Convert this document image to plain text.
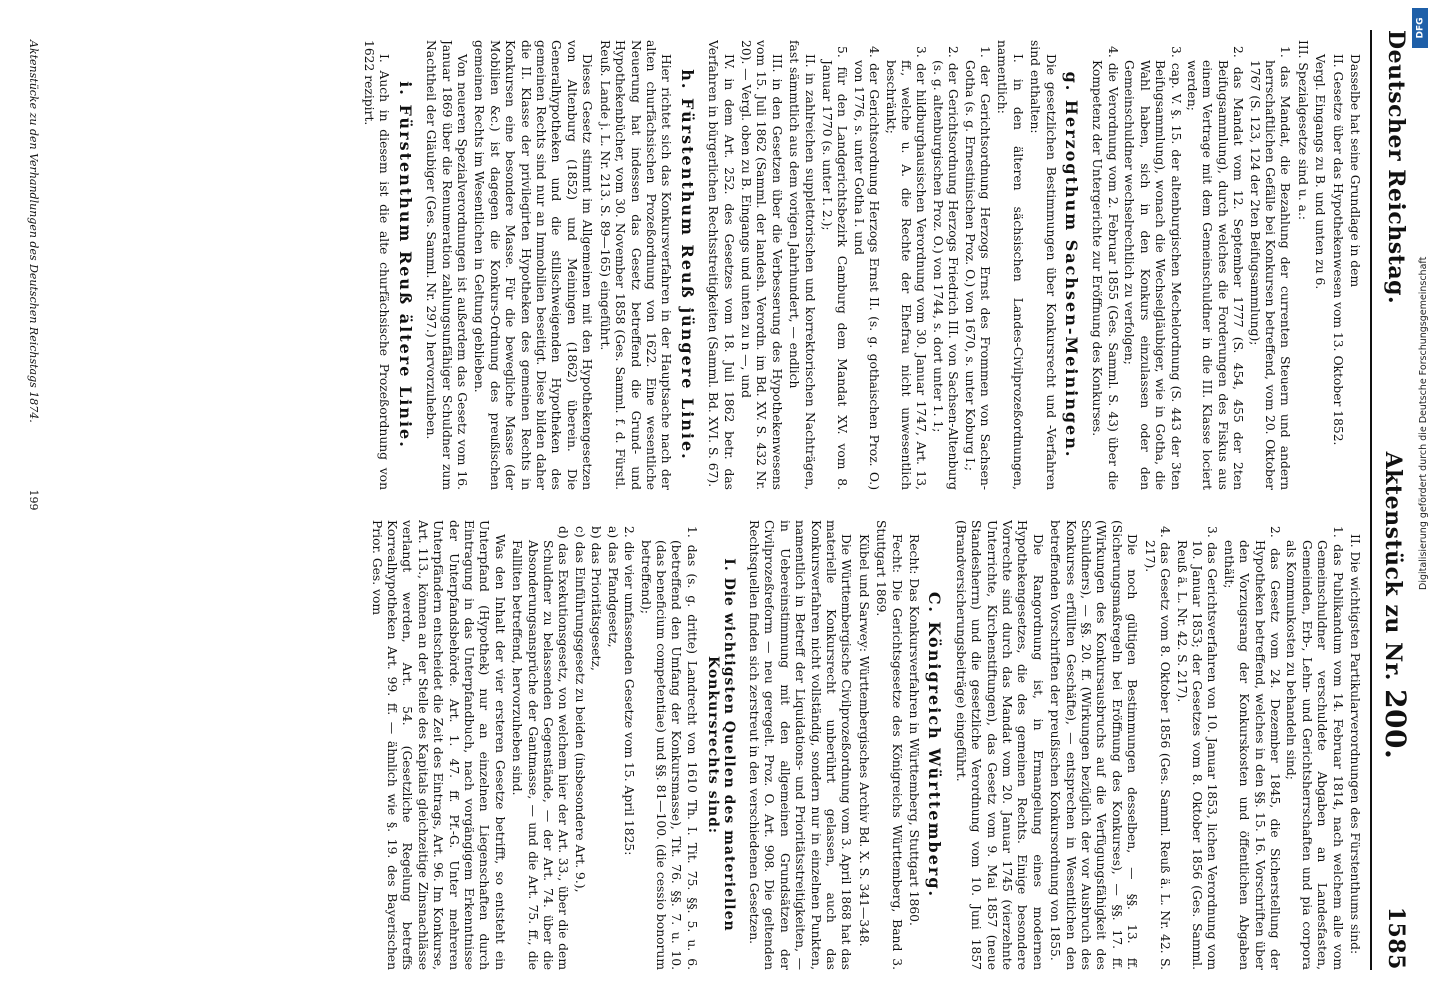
Deutscher Reichstag.
Aktenstück zu Nr. 200.
1585

Dasselbe hat seine Grundlage in dem

II. Gesetze über das Hypothekenwesen vom 13. Oktober 1852.

Vergl. Eingangs zu B. und unten zu 6.

III. Spezialgesetze sind u. a.:

1. das Mandat, die Bezahlung der currenten Steuern und andern herrschaftlichen Gefälle bei Konkursen betreffend, vom 20. Oktober 1767 (S. 123, 124 der 2ten Beifugsammlung);
2. das Mandat vom 12. September 1777 (S. 454, 455 der 2ten Beifugsammlung), durch welches die Forderungen des Fiskus aus einem Vertrage mit dem Gemeinschuldner in die III. Klasse lociert werden;
3. cap. V. §. 15. der altenburgischen Mechelordnung (S. 443 der 3ten Beifugsammlung), wonach die Wechselgläubiger, wie in Gotha, die Wahl haben, sich in den Konkurs einzulassen oder den Gemeinschuldner wechselrechtlich zu verfolgen;
4. die Verordnung vom 2. Februar 1855 (Ges. Samml. S. 43) über die Kompetenz der Untergerichte zur Eröffnung des Konkurses.

g. Herzogthum Sachsen-Meiningen.

Die gesetzlichen Bestimmungen über Konkursrecht und -Verfahren sind enthalten:

I. in den älteren sächsischen Landes-Civilprozeßordnungen, namentlich:

1. der Gerichtsordnung Herzogs Ernst des Frommen von Sachsen-Gotha (s. g. Ernestinischen Proz. O.) von 1670, s. unter Koburg I.;
2. der Gerichtsordnung Herzogs Friedrich III. von Sachsen-Altenburg (s. g. altenburgischen Proz. O.) von 1744, s. dort unter 1. 1;
3. der hildburghausischen Verordnung vom 30. Januar 1747, Art. 13, ff., welche u. A. die Rechte der Ehefrau nicht unwesentlich beschränkt;
4. der Gerichtsordnung Herzogs Ernst II. (s. g. gothaischen Proz. O.) von 1776, s. unter Gotha I. und
5. für den Landgerichtsbezirk Camburg dem Mandat XV. vom 8. Januar 1770 (s. unter I. 2.);

II. in zahlreichen supplettorischen und korrektorischen Nachträgen, fast sämmtlich aus dem vorigen Jahrhundert, — endlich

III. in den Gesetzen über die Verbesserung des Hypothekenwesens vom 15. Juli 1862 (Samml. der landesh. Verordn. im Bd. XV. S. 432 Nr. 20). — Vergl. oben zu B. Eingangs und unten zu n —, und

IV. in dem Art. 252. des Gesetzes vom 18. Juli 1862 betr. das Verfahren in bürgerlichen Rechtsstreitigkeiten (Samml. Bd. XVI. S. 67).

h. Fürstenthum Reuß jüngere Linie.

Hier richtet sich das Konkursverfahren in der Hauptsache nach der alten churfächsischen Prozeßordnung von 1622. Eine wesentliche Neuerung hat indessen das Gesetz betreffend die Grund- und Hypothekenbücher, vom 30. November 1858 (Ges. Samml. f. d. Fürstl. Reuß. Lande j. L. Nr. 213. S. 89—165) eingeführt.

Dieses Gesetz stimmt im Allgemeinen mit den Hypothekengesetzen von Altenburg (1852) und Meiningen (1862) überein. Die Generalhypotheken und die stillschweigenden Hypotheken des gemeinen Rechts sind nur an Immobilien beseitigt. Diese bilden daher die II. Klasse der privilegirten Hypotheken des gemeinen Rechts in Konkursen eine besondere Masse. Für die bewegliche Masse (der Mobilien &c.) ist dagegen die Konkurs-Ordnung des preußischen gemeinen Rechts im Wesentlichen in Geltung geblieben.

Von neueren Spezialverordnungen ist außerdem das Gesetz vom 16. Januar 1869 über die Renumeration zahlungsunfähiger Schuldner zum Nachtheil der Gläubiger (Ges. Samml. Nr. 297.) hervorzuheben.

i. Fürstenthum Reuß ältere Linie.

I. Auch in diesem ist die alte churfächsische Prozeßordnung von 1622 rezipirt.

II. Die wichtigsten Partikularverordnungen des Fürstenthums sind:

1. das Publikandum vom 14. Februar 1814, nach welchem alle vom Gemeinschuldner verschuldete Abgaben an Landesfasten, Gemeinden, Erb-, Lehn- und Gerichtsherrschaften und pia corpora als Kommunkosten zu behandeln sind;
2. das Gesetz vom 24. Dezember 1845, die Sicherstellung der Hypotheken betreffend, welches in den §§. 15. 16. Vorschriften über den Vorzugsrang der Konkurskosten und öffentlichen Abgaben enthält;
3. das Gerichtsverfahren von 10. Januar 1853, lichen Verordnung vom 10. Januar 1853; der Gesetzes vom 8. Oktober 1856 (Ges. Samml. Reuß ä. L. Nr. 42. S. 217).
4. das Gesetz vom 8. Oktober 1856 (Ges. Samml. Reuß ä. L. Nr. 42. S. 217).

Die noch gültigen Bestimmungen desselben, — §§. 13. ff. (Sicherungsmaßregeln bei Eröffnung des Konkurses), — §§. 17. ff. (Wirkungen des Konkursausbruchs auf die Verfügungsfähigkeit des Schuldners), — §§. 20. ff. (Wirkungen bezüglich der vor Ausbruch des Konkurses erfüllten Geschäfte), — entsprechen in Wesentlichen den betreffenden Vorschriften der preußischen Konkursordnung von 1855.

Die Rangordnung ist, in Ermangelung eines modernen Hypothekengesetzes, die des gemeinen Rechts. Einige besondere Vorrechte sind durch das Mandat vom 20. Januar 1745 (vierzehnte Unterrichte, Kirchenstiftungen), das Gesetz vom 9. Mai 1857 (neue Standesherrn) und die gesetzliche Verordnung vom 10. Juni 1857 (Brandversicherungsbeiträge) eingeführt.

C. Königreich Württemberg.

Recht: Das Konkursverfahren in Württemberg, Stuttgart 1860.

Fecht: Die Gerichtsgesetze des Königreichs Württemberg, Band 3. Stuttgart 1869.

Kübel und Sarwey: Württembergisches Archiv Bd. X. S. 341—348.

Die Württembergische Civilprozeßordnung vom 3. April 1868 hat das materielle Konkursrecht unberührt gelassen, auch das Konkursverfahren nicht vollständig, sondern nur in einzelnen Punkten, namentlich in Betreff der Liquidations- und Prioritätsstreitigkeiten, — in Uebereinstimmung mit den allgemeinen Grundsätzen der Civilprozeßreform — neu geregelt. Proz. O. Art. 908. Die geltenden Rechtsquellen finden sich zerstreut in den verschiedenen Gesetzen.

I. Die wichtigsten Quellen des materiellen Konkursrechts sind:

1. das (s. g. dritte) Landrecht von 1610 Th. I. Tit. 75. §§. 5. u. 6. (betreffend den Umfang der Konkursmasse), Tit. 76. §§. 7. u. 10. (das beneficium competentiae) und §§. 81—100. (die cessio bonorum betreffend);
2. die vier umfassenden Gesetze vom 15. April 1825:
a) das Pfandgesetz,
b) das Prioritätsgesetz,
c) das Einführungsgesetz zu beiden (insbesondere Art. 9.),
d) das Exekutionsgesetz, von welchem hier der Art. 33., über die dem Schuldner zu belassenden Gegenstände, — der Art. 74. über die Absonderungsansprüche der Gantmasse, — und die Art. 75. ff., die Fallliten betreffend, hervorzuheben sind.

Was den Inhalt der vier ersteren Gesetze betrifft, so entsteht ein Unterpfand (Hypothek) nur an einzelnen Liegenschaften durch Eintragung in das Unterpfandbuch, nach vorgängigem Erkenntnisse der Unterpfandsbehörde. Art. 1. 47. ff. Pf.-G. Unter mehreren Unterpfändern entscheidet die Zeit des Eintrags, Art. 96. Im Konkurse, Art. 113., können an der Stelle des Kapitals gleichzeitige Zinsnachlässe verlangt werden, Art. 54. (Gesetzliche Regelung betreffs Korrealhypotheken Art. 99. ff. — ähnlich wie §. 19. des Bayerischen Prior. Ges. vom

Aktenstücke zu den Verhandlungen des Deutschen Reichstags 1874.
199	Digitalisierung gefördert durch die Deutsche Forschungsgemeinschaft
DFG
